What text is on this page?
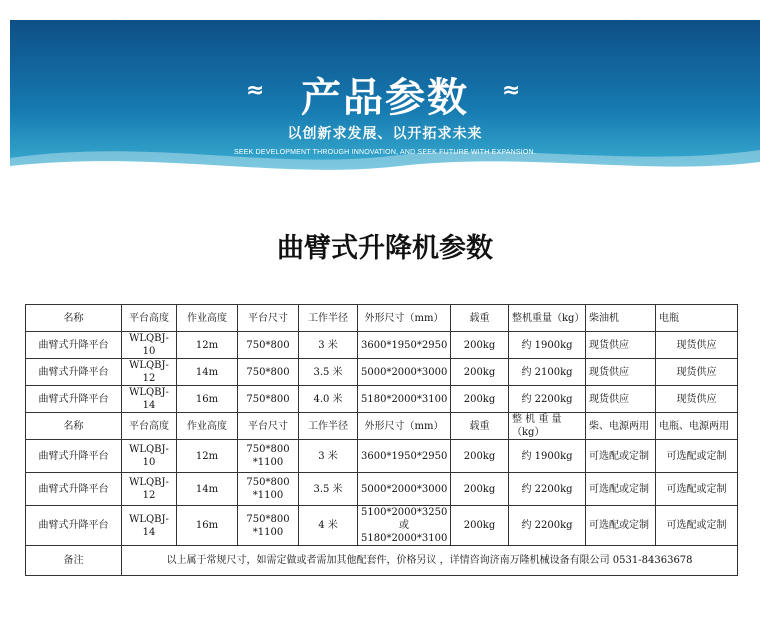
≈	产品参数	≈
以创新求发展、以开拓求未来
SEEK DEVELOPMENT THROUGH INNOVATION, AND SEEK FUTURE WITH EXPANSION.
曲臂式升降机参数
名称	平台高度	作业高度	平台尺寸	工作半径	外形尺寸（mm）	载重	整机重量（kg）	柴油机	电瓶
曲臂式升降平台	WLQBJ-10	12m	750*800	3 米	3600*1950*2950	200kg	约 1900kg	现货供应	现货供应
曲臂式升降平台	WLQBJ-12	14m	750*800	3.5 米	5000*2000*3000	200kg	约 2100kg	现货供应	现货供应
曲臂式升降平台	WLQBJ-14	16m	750*800	4.0 米	5180*2000*3100	200kg	约 2200kg	现货供应	现货供应
名称	平台高度	作业高度	平台尺寸	工作半径	外形尺寸（mm）	载重	整 机 重 量（kg）	柴、电源两用	电瓶、电源两用
曲臂式升降平台	WLQBJ-10	12m	750*800 *1100	3 米	3600*1950*2950	200kg	约 1900kg	可选配或定制	可选配或定制
曲臂式升降平台	WLQBJ-12	14m	750*800 *1100	3.5 米	5000*2000*3000	200kg	约 2200kg	可选配或定制	可选配或定制
曲臂式升降平台	WLQBJ-14	16m	750*800 *1100	4 米	5100*2000*3250 或 5180*2000*3100	200kg	约 2200kg	可选配或定制	可选配或定制
备注	以上属于常规尺寸，如需定做或者需加其他配套件，价格另议 ，详情咨询济南万隆机械设备有限公司 0531-84363678								
